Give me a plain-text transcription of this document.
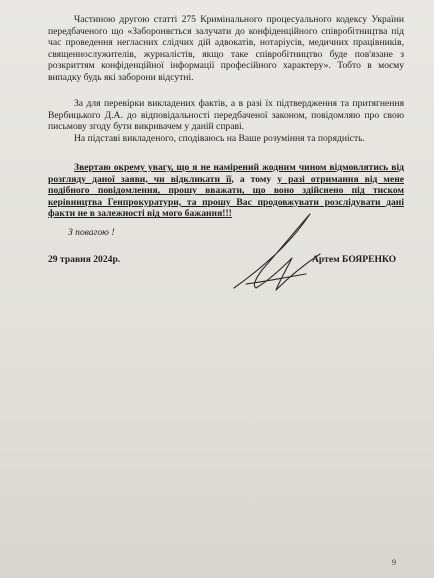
Частиною другою статті 275 Кримінального процесуального кодексу України передбаченого що «Забороняється залучати до конфіденційного співробітництва під час проведення негласних слідчих дій адвокатів, нотаріусів, медичних працівників, священнослужителів, журналістів, якщо таке співробітництво буде пов'язане з розкриттям конфіденційної інформації професійного характеру». Тобто в моєму випадку будь які заборони відсутні.
За для перевірки викладених фактів, а в разі їх підтвердження та притягнення Вербицького Д.А. до відповідальності передбаченої законом, повідомляю про свою письмову згоду бути викривачем у даній справі.
На підставі викладеного, сподіваюсь на Ваше розуміння та порядність.
Звертаю окрему увагу, що я не намірений жодним чином відмовлятись від розгляду даної заяви, чи відкликати її, а тому у разі отримання від мене подібного повідомлення, прошу вважати, що воно здійснено під тиском керівництва Генпрокуратури, та прошу Вас продовжувати розслідувати дані факти не в залежності від мого бажання!!!
З повагою !
29 травня 2024р.	Артем БОЯРЕНКО
9
